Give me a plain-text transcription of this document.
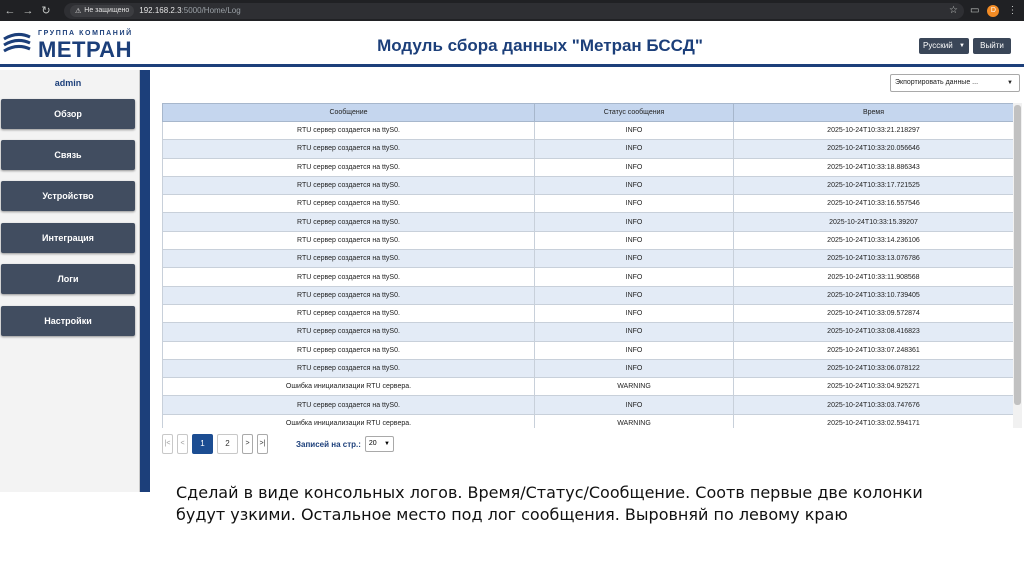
← → ↻	⚠ Не защищено 192.168.2.3:5000/Home/Log	☆ ▭	D	⋮
ГРУППА КОМПАНИЙ
МЕТРАН	Модуль сбора данных "Метран БССД"	Русский ▼	Выйти
admin
Обзор
Связь
Устройство
Интеграция
Логи
Настройки
Экпортировать данные ...	▼
Сообщение	Статус сообщения	Время
RTU сервер создается на ttyS0.	INFO	2025-10-24T10:33:21.218297
RTU сервер создается на ttyS0.	INFO	2025-10-24T10:33:20.056646
RTU сервер создается на ttyS0.	INFO	2025-10-24T10:33:18.886343
RTU сервер создается на ttyS0.	INFO	2025-10-24T10:33:17.721525
RTU сервер создается на ttyS0.	INFO	2025-10-24T10:33:16.557546
RTU сервер создается на ttyS0.	INFO	2025-10-24T10:33:15.39207
RTU сервер создается на ttyS0.	INFO	2025-10-24T10:33:14.236106
RTU сервер создается на ttyS0.	INFO	2025-10-24T10:33:13.076786
RTU сервер создается на ttyS0.	INFO	2025-10-24T10:33:11.908568
RTU сервер создается на ttyS0.	INFO	2025-10-24T10:33:10.739405
RTU сервер создается на ttyS0.	INFO	2025-10-24T10:33:09.572874
RTU сервер создается на ttyS0.	INFO	2025-10-24T10:33:08.416823
RTU сервер создается на ttyS0.	INFO	2025-10-24T10:33:07.248361
RTU сервер создается на ttyS0.	INFO	2025-10-24T10:33:06.078122
Ошибка инициализации RTU сервера.	WARNING	2025-10-24T10:33:04.925271
RTU сервер создается на ttyS0.	INFO	2025-10-24T10:33:03.747676
Ошибка инициализации RTU сервера.	WARNING	2025-10-24T10:33:02.594171
|<	<	1	2	>	>|	Записей на стр.:	20 ▼
Сделай в виде консольных логов. Время/Статус/Сообщение. Соотв первые две колонки будут узкими. Остальное место под лог сообщения. Выровняй по левому краю
